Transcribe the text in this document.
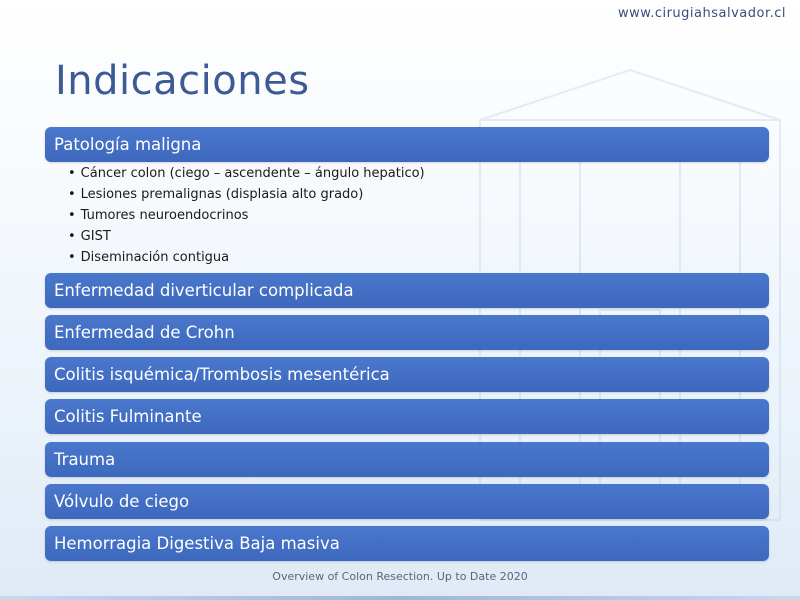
www.cirugiahsalvador.cl
Indicaciones
Patología maligna
• Cáncer colon (ciego – ascendente – ángulo hepatico)
• Lesiones premalignas (displasia alto grado)
• Tumores neuroendocrinos
• GIST
• Diseminación contigua
Enfermedad diverticular complicada
Enfermedad de Crohn
Colitis isquémica/Trombosis mesentérica
Colitis Fulminante
Trauma
Vólvulo de ciego
Hemorragia Digestiva Baja masiva
Overview of Colon Resection. Up to Date 2020
